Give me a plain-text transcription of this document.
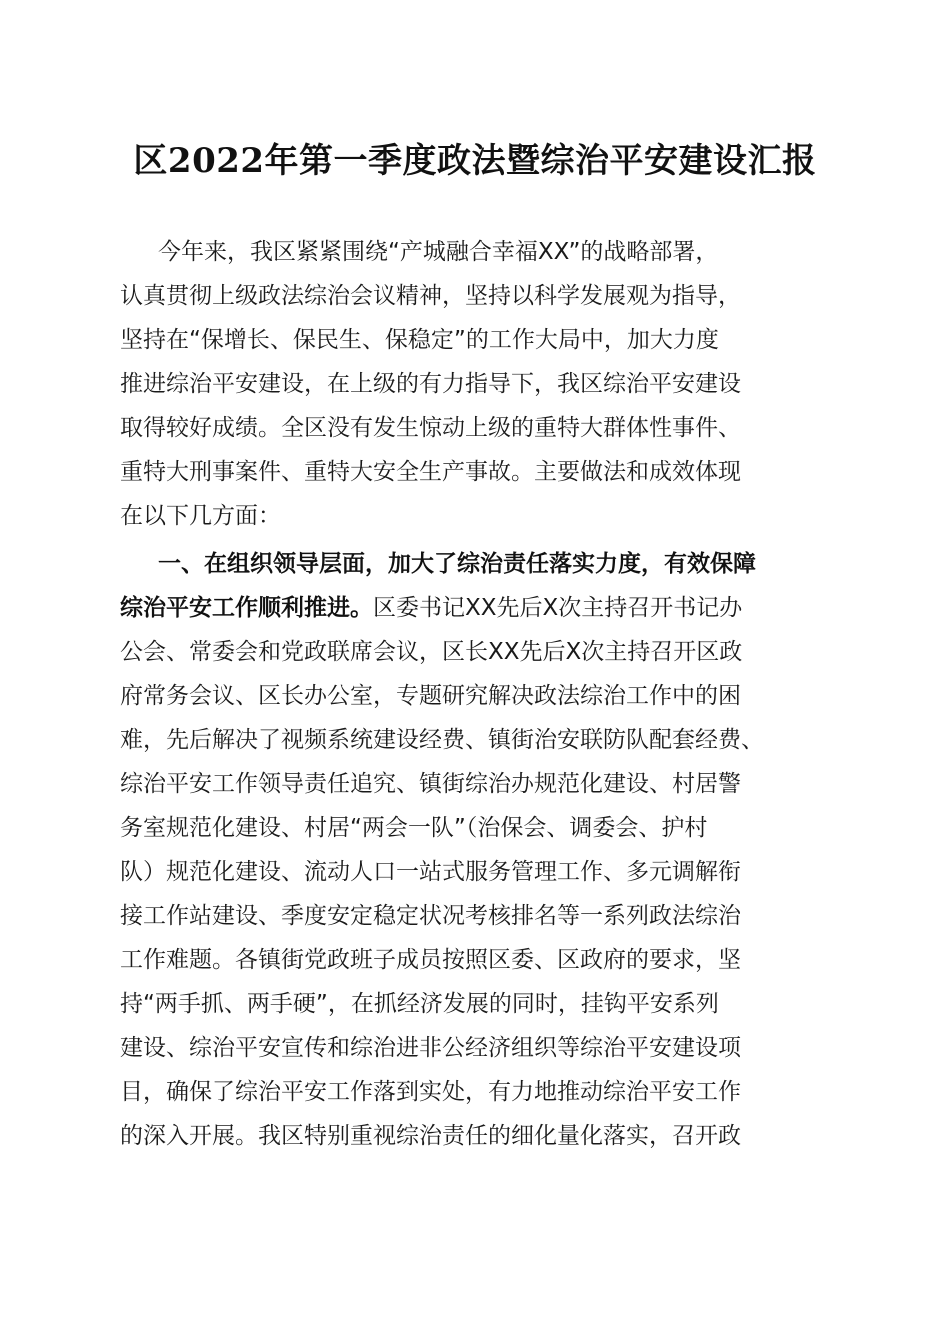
区2022年第一季度政法暨综治平安建设汇报
今年来，我区紧紧围绕“产城融合幸福XX”的战略部署，
认真贯彻上级政法综治会议精神，坚持以科学发展观为指导，
坚持在“保增长、保民生、保稳定”的工作大局中，加大力度
推进综治平安建设，在上级的有力指导下，我区综治平安建设
取得较好成绩。全区没有发生惊动上级的重特大群体性事件、
重特大刑事案件、重特大安全生产事故。主要做法和成效体现
在以下几方面：
一、在组织领导层面，加大了综治责任落实力度，有效保障
综治平安工作顺利推进。区委书记XX先后X次主持召开书记办
公会、常委会和党政联席会议，区长XX先后X次主持召开区政
府常务会议、区长办公室，专题研究解决政法综治工作中的困
难，先后解决了视频系统建设经费、镇街治安联防队配套经费、
综治平安工作领导责任追究、镇街综治办规范化建设、村居警
务室规范化建设、村居“两会一队”（治保会、调委会、护村
队）规范化建设、流动人口一站式服务管理工作、多元调解衔
接工作站建设、季度安定稳定状况考核排名等一系列政法综治
工作难题。各镇街党政班子成员按照区委、区政府的要求，坚
持“两手抓、两手硬”，在抓经济发展的同时，挂钩平安系列
建设、综治平安宣传和综治进非公经济组织等综治平安建设项
目，确保了综治平安工作落到实处，有力地推动综治平安工作
的深入开展。我区特别重视综治责任的细化量化落实，召开政
